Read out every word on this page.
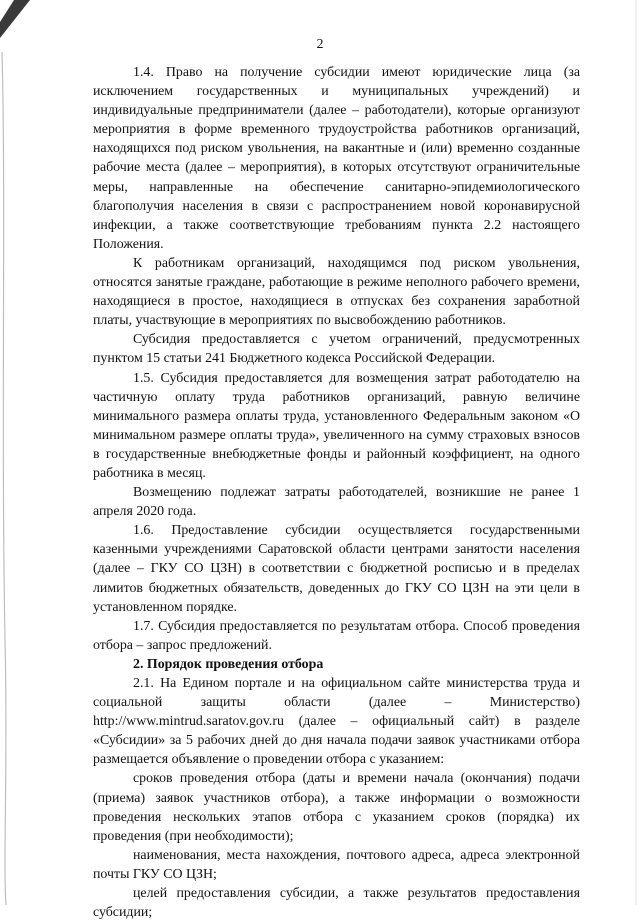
2

1.4. Право на получение субсидии имеют юридические лица (за исключением государственных и муниципальных учреждений) и индивидуальные предприниматели (далее – работодатели), которые организуют мероприятия в форме временного трудоустройства работников организаций, находящихся под риском увольнения, на вакантные и (или) временно созданные рабочие места (далее – мероприятия), в которых отсутствуют ограничительные меры, направленные на обеспечение санитарно-эпидемиологического благополучия населения в связи с распространением новой коронавирусной инфекции, а также соответствующие требованиям пункта 2.2 настоящего Положения.

К работникам организаций, находящимся под риском увольнения, относятся занятые граждане, работающие в режиме неполного рабочего времени, находящиеся в простое, находящиеся в отпусках без сохранения заработной платы, участвующие в мероприятиях по высвобождению работников.

Субсидия предоставляется с учетом ограничений, предусмотренных пунктом 15 статьи 241 Бюджетного кодекса Российской Федерации.

1.5. Субсидия предоставляется для возмещения затрат работодателю на частичную оплату труда работников организаций, равную величине минимального размера оплаты труда, установленного Федеральным законом «О минимальном размере оплаты труда», увеличенного на сумму страховых взносов в государственные внебюджетные фонды и районный коэффициент, на одного работника в месяц.

Возмещению подлежат затраты работодателей, возникшие не ранее 1 апреля 2020 года.

1.6. Предоставление субсидии осуществляется государственными казенными учреждениями Саратовской области центрами занятости населения (далее – ГКУ СО ЦЗН) в соответствии с бюджетной росписью и в пределах лимитов бюджетных обязательств, доведенных до ГКУ СО ЦЗН на эти цели в установленном порядке.

1.7. Субсидия предоставляется по результатам отбора. Способ проведения отбора – запрос предложений.

2. Порядок проведения отбора

2.1. На Едином портале и на официальном сайте министерства труда и социальной защиты области (далее – Министерство) http://www.mintrud.saratov.gov.ru (далее – официальный сайт) в разделе «Субсидии» за 5 рабочих дней до дня начала подачи заявок участниками отбора размещается объявление о проведении отбора с указанием:

сроков проведения отбора (даты и времени начала (окончания) подачи (приема) заявок участников отбора), а также информации о возможности проведения нескольких этапов отбора с указанием сроков (порядка) их проведения (при необходимости);

наименования, места нахождения, почтового адреса, адреса электронной почты ГКУ СО ЦЗН;

целей предоставления субсидии, а также результатов предоставления субсидии;
